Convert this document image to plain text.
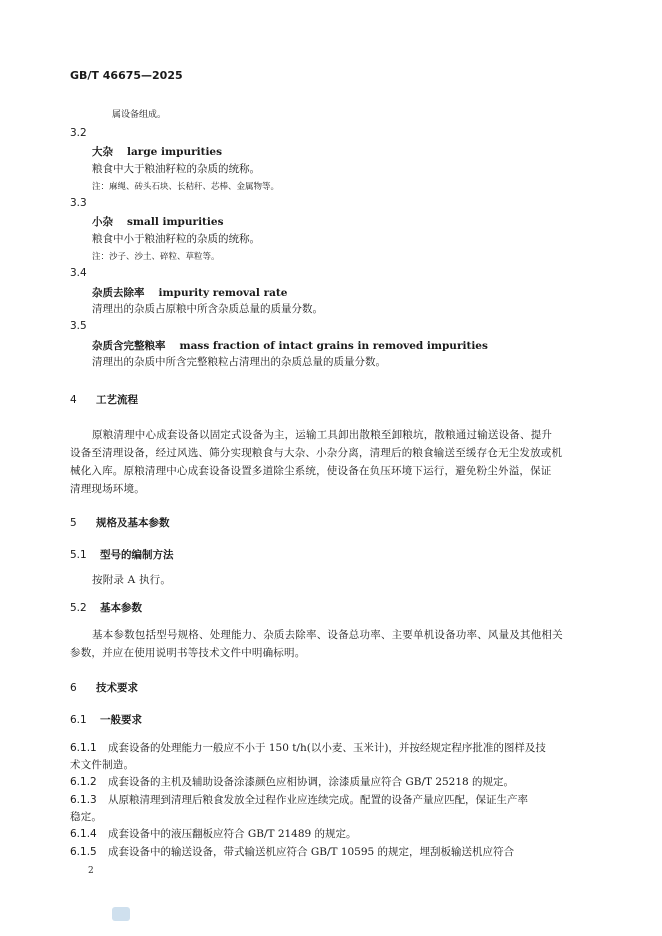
GB/T 46675—2025
属设备组成。
3.2
大杂 large impurities
粮食中大于粮油籽粒的杂质的统称。
注：麻绳、砖头石块、长秸秆、芯棒、金属物等。
3.3
小杂 small impurities
粮食中小于粮油籽粒的杂质的统称。
注：沙子、沙土、碎粒、草粒等。
3.4
杂质去除率 impurity removal rate
清理出的杂质占原粮中所含杂质总量的质量分数。
3.5
杂质含完整粮率 mass fraction of intact grains in removed impurities
清理出的杂质中所含完整粮粒占清理出的杂质总量的质量分数。
4 工艺流程
原粮清理中心成套设备以固定式设备为主，运输工具卸出散粮至卸粮坑，散粮通过输送设备、提升
设备至清理设备，经过风选、筛分实现粮食与大杂、小杂分离，清理后的粮食输送至缓存仓无尘发放或机
械化入库。原粮清理中心成套设备设置多道除尘系统，使设备在负压环境下运行，避免粉尘外溢，保证
清理现场环境。
5 规格及基本参数
5.1 型号的编制方法
按附录 A 执行。
5.2 基本参数
基本参数包括型号规格、处理能力、杂质去除率、设备总功率、主要单机设备功率、风量及其他相关
参数，并应在使用说明书等技术文件中明确标明。
6 技术要求
6.1 一般要求
6.1.1 成套设备的处理能力一般应不小于 150 t/h(以小麦、玉米计)，并按经规定程序批准的图样及技
术文件制造。
6.1.2 成套设备的主机及辅助设备涂漆颜色应相协调，涂漆质量应符合 GB/T 25218 的规定。
6.1.3 从原粮清理到清理后粮食发放全过程作业应连续完成。配置的设备产量应匹配，保证生产率
稳定。
6.1.4 成套设备中的液压翻板应符合 GB/T 21489 的规定。
6.1.5 成套设备中的输送设备，带式输送机应符合 GB/T 10595 的规定，埋刮板输送机应符合
2
